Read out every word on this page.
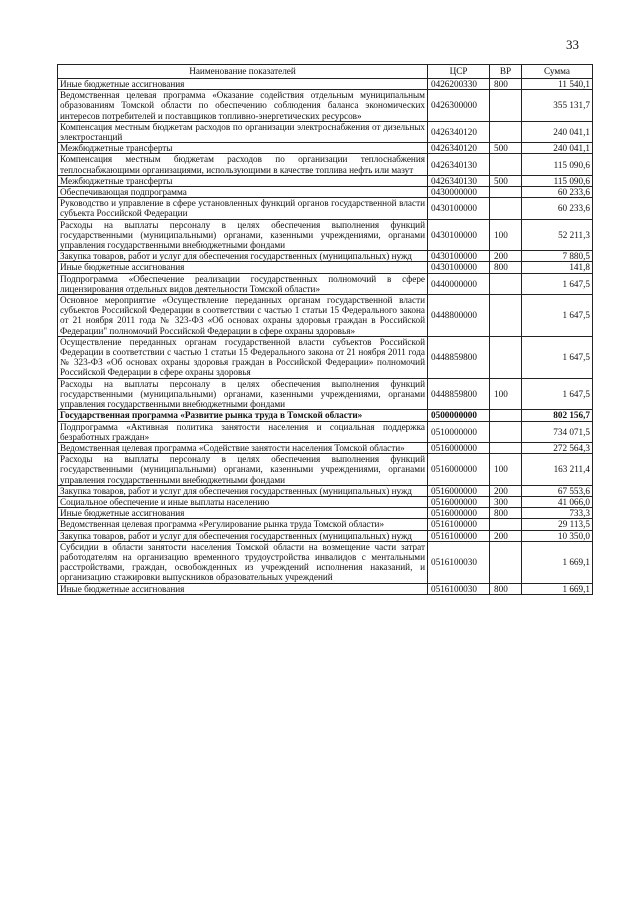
33
Наименование показателей	ЦСР	ВР	Сумма
Иные бюджетные ассигнования	0426200330	800	11 540,1
Ведомственная целевая программа «Оказание содействия отдельным муниципальным образованиям Томской области по обеспечению соблюдения баланса экономических интересов потребителей и поставщиков топливно-энергетических ресурсов»	0426300000		355 131,7
Компенсация местным бюджетам расходов по организации электроснабжения от дизельных электростанций	0426340120		240 041,1
Межбюджетные трансферты	0426340120	500	240 041,1
Компенсация местным бюджетам расходов по организации теплоснабжения теплоснабжающими организациями, использующими в качестве топлива нефть или мазут	0426340130		115 090,6
Межбюджетные трансферты	0426340130	500	115 090,6
Обеспечивающая подпрограмма	0430000000		60 233,6
Руководство и управление в сфере установленных функций органов государственной власти субъекта Российской Федерации	0430100000		60 233,6
Расходы на выплаты персоналу в целях обеспечения выполнения функций государственными (муниципальными) органами, казенными учреждениями, органами управления государственными внебюджетными фондами	0430100000	100	52 211,3
Закупка товаров, работ и услуг для обеспечения государственных (муниципальных) нужд	0430100000	200	7 880,5
Иные бюджетные ассигнования	0430100000	800	141,8
Подпрограмма «Обеспечение реализации государственных полномочий в сфере лицензирования отдельных видов деятельности Томской области»	0440000000		1 647,5
Основное мероприятие «Осуществление переданных органам государственной власти субъектов Российской Федерации в соответствии с частью 1 статьи 15 Федерального закона от 21 ноября 2011 года № 323-ФЗ «Об основах охраны здоровья граждан в Российской Федерации" полномочий Российской Федерации в сфере охраны здоровья»	0448800000		1 647,5
Осуществление переданных органам государственной власти субъектов Российской Федерации в соответствии с частью 1 статьи 15 Федерального закона от 21 ноября 2011 года № 323-ФЗ «Об основах охраны здоровья граждан в Российской Федерации» полномочий Российской Федерации в сфере охраны здоровья	0448859800		1 647,5
Расходы на выплаты персоналу в целях обеспечения выполнения функций государственными (муниципальными) органами, казенными учреждениями, органами управления государственными внебюджетными фондами	0448859800	100	1 647,5
Государственная программа «Развитие рынка труда в Томской области»	0500000000		802 156,7
Подпрограмма «Активная политика занятости населения и социальная поддержка безработных граждан»	0510000000		734 071,5
Ведомственная целевая программа «Содействие занятости населения Томской области»	0516000000		272 564,3
Расходы на выплаты персоналу в целях обеспечения выполнения функций государственными (муниципальными) органами, казенными учреждениями, органами управления государственными внебюджетными фондами	0516000000	100	163 211,4
Закупка товаров, работ и услуг для обеспечения государственных (муниципальных) нужд	0516000000	200	67 553,6
Социальное обеспечение и иные выплаты населению	0516000000	300	41 066,0
Иные бюджетные ассигнования	0516000000	800	733,3
Ведомственная целевая программа «Регулирование рынка труда Томской области»	0516100000		29 113,5
Закупка товаров, работ и услуг для обеспечения государственных (муниципальных) нужд	0516100000	200	10 350,0
Субсидии в области занятости населения Томской области на возмещение части затрат работодателям на организацию временного трудоустройства инвалидов с ментальными расстройствами, граждан, освобожденных из учреждений исполнения наказаний, и организацию стажировки выпускников образовательных учреждений	0516100030		1 669,1
Иные бюджетные ассигнования	0516100030	800	1 669,1
